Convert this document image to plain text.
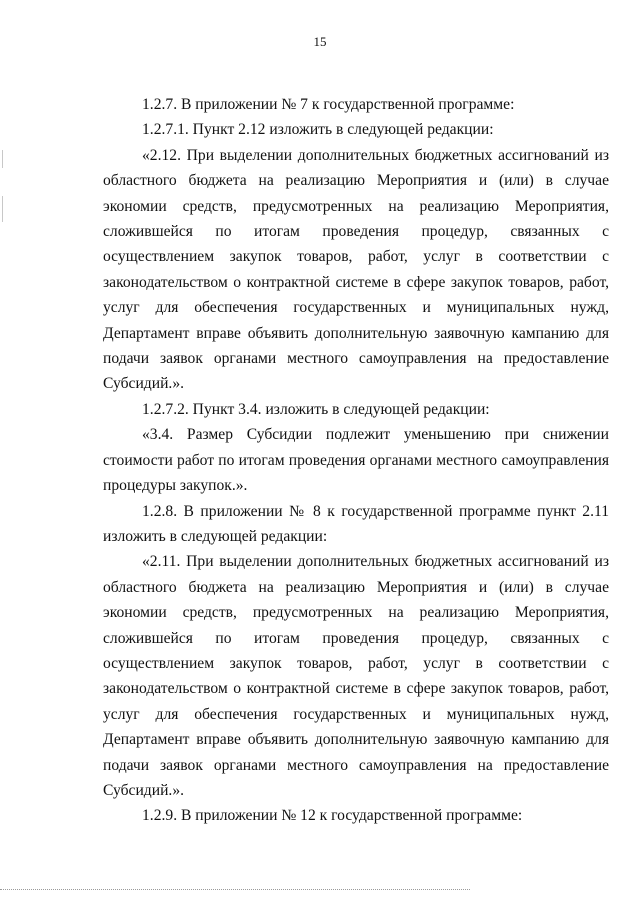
15

1.2.7. В приложении № 7 к государственной программе:

1.2.7.1. Пункт 2.12 изложить в следующей редакции:

«2.12. При выделении дополнительных бюджетных ассигнований из областного бюджета на реализацию Мероприятия и (или) в случае экономии средств, предусмотренных на реализацию Мероприятия, сложившейся по итогам проведения процедур, связанных с осуществлением закупок товаров, работ, услуг в соответствии с законодательством о контрактной системе в сфере закупок товаров, работ, услуг для обеспечения государственных и муниципальных нужд, Департамент вправе объявить дополнительную заявочную кампанию для подачи заявок органами местного самоуправления на предоставление Субсидий.».

1.2.7.2. Пункт 3.4. изложить в следующей редакции:

«3.4. Размер Субсидии подлежит уменьшению при снижении стоимости работ по итогам проведения органами местного самоуправления процедуры закупок.».

1.2.8. В приложении № 8 к государственной программе пункт 2.11 изложить в следующей редакции:

«2.11. При выделении дополнительных бюджетных ассигнований из областного бюджета на реализацию Мероприятия и (или) в случае экономии средств, предусмотренных на реализацию Мероприятия, сложившейся по итогам проведения процедур, связанных с осуществлением закупок товаров, работ, услуг в соответствии с законодательством о контрактной системе в сфере закупок товаров, работ, услуг для обеспечения государственных и муниципальных нужд, Департамент вправе объявить дополнительную заявочную кампанию для подачи заявок органами местного самоуправления на предоставление Субсидий.».

1.2.9. В приложении № 12 к государственной программе:
